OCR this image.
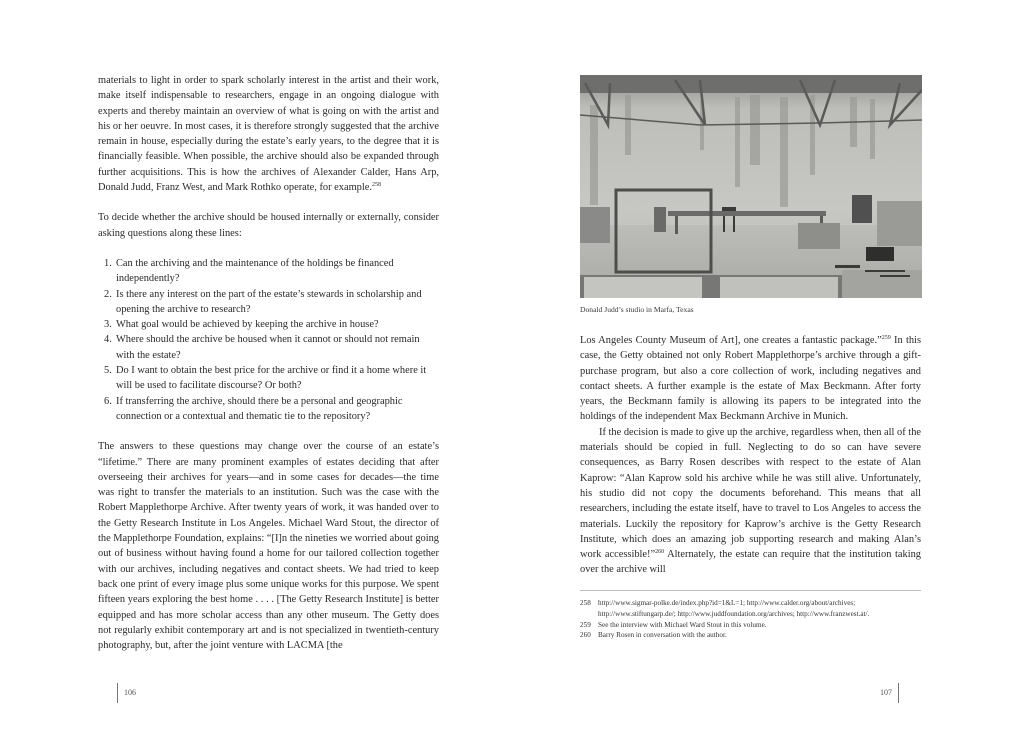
materials to light in order to spark scholarly interest in the artist and their work, make itself indispensable to researchers, engage in an ongoing dialogue with experts and thereby maintain an overview of what is going on with the artist and his or her oeuvre. In most cases, it is therefore strongly suggested that the archive remain in house, especially during the estate’s early years, to the degree that it is financially feasible. When possible, the archive should also be expanded through further acquisitions. This is how the archives of Alexander Calder, Hans Arp, Donald Judd, Franz West, and Mark Rothko operate, for example.$^{258}$

To decide whether the archive should be housed internally or externally, consider asking questions along these lines:

1. Can the archiving and the maintenance of the holdings be financed independently?
2. Is there any interest on the part of the estate’s stewards in scholarship and opening the archive to research?
3. What goal would be achieved by keeping the archive in house?
4. Where should the archive be housed when it cannot or should not remain with the estate?
5. Do I want to obtain the best price for the archive or find it a home where it will be used to facilitate discourse? Or both?
6. If transferring the archive, should there be a personal and geographic connection or a contextual and thematic tie to the repository?

The answers to these questions may change over the course of an estate’s “lifetime.” There are many prominent examples of estates deciding that after overseeing their archives for years—and in some cases for decades—the time was right to transfer the materials to an institution. Such was the case with the Robert Mapplethorpe Archive. After twenty years of work, it was handed over to the Getty Research Institute in Los Angeles. Michael Ward Stout, the director of the Mapplethorpe Foundation, explains: “[I]n the nineties we worried about going out of business without having found a home for our tailored collection together with our archives, including negatives and contact sheets. We had tried to keep back one print of every image plus some unique works for this purpose. We spent fifteen years exploring the best home . . . . [The Getty Research Institute] is better equipped and has more scholar access than any other museum. The Getty does not regularly exhibit contemporary art and is not specialized in twentieth-century photography, but, after the joint venture with LACMA [the

106
Donald Judd’s studio in Marfa, Texas

Los Angeles County Museum of Art], one creates a fantastic package.”$^{259}$ In this case, the Getty obtained not only Robert Mapplethorpe’s archive through a gift-purchase program, but also a core collection of work, including negatives and contact sheets. A further example is the estate of Max Beckmann. After forty years, the Beckmann family is allowing its papers to be integrated into the holdings of the independent Max Beckmann Archive in Munich.

If the decision is made to give up the archive, regardless when, then all of the materials should be copied in full. Neglecting to do so can have severe consequences, as Barry Rosen describes with respect to the estate of Alan Kaprow: “Alan Kaprow sold his archive while he was still alive. Unfortunately, his studio did not copy the documents beforehand. This means that all researchers, including the estate itself, have to travel to Los Angeles to access the materials. Luckily the repository for Kaprow’s archive is the Getty Research Institute, which does an amazing job supporting research and making Alan’s work accessible!”$^{260}$ Alternately, the estate can require that the institution taking over the archive will

258 http://www.sigmar-polke.de/index.php?id=1&L=1; http://www.calder.org/about/archives; http://www.stiftungarp.de/; http://www.juddfoundation.org/archives; http://www.franzwest.at/.
259 See the interview with Michael Ward Stout in this volume.
260 Barry Rosen in conversation with the author.
107
